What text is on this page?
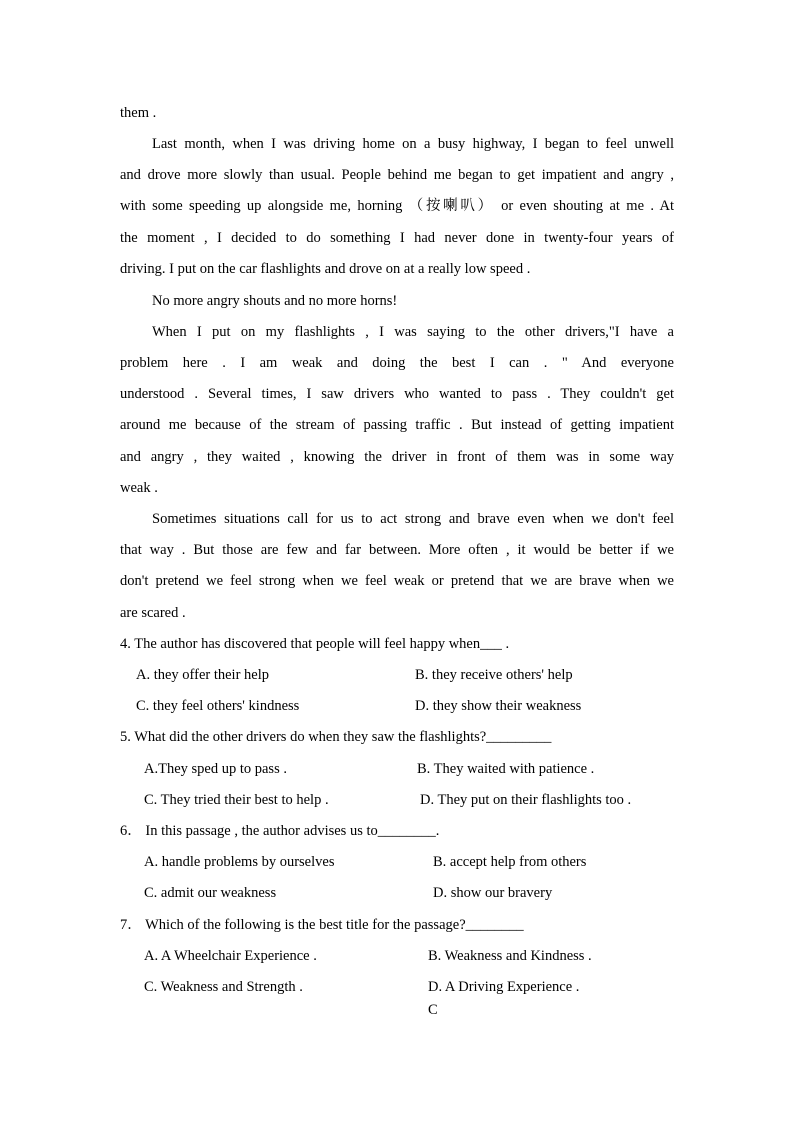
them .
Last month, when I was driving home on a busy highway, I began to feel unwell
and drove more slowly than usual. People behind me began to get impatient and angry ,
with some speeding up alongside me, horning （按喇叭） or even shouting at me . At
the moment , I decided to do something I had never done in twenty-four years of
driving. I put on the car flashlights and drove on at a really low speed .
No more angry shouts and no more horns!
When I put on my flashlights , I was saying to the other drivers,"I have a
problem here . I am weak and doing the best I can . " And everyone
understood . Several times, I saw drivers who wanted to pass . They couldn't get
around me because of the stream of passing traffic . But instead of getting impatient
and angry , they waited , knowing the driver in front of them was in some way
weak .
Sometimes situations call for us to act strong and brave even when we don't feel
that way . But those are few and far between. More often , it would be better if we
don't pretend we feel strong when we feel weak or pretend that we are brave when we
are scared .
4. The author has discovered that people will feel happy when___ .
A. they offer their help	B. they receive others' help
C. they feel others' kindness	D. they show their weakness
5. What did the other drivers do when they saw the flashlights?_________
A.They sped up to pass .	B. They waited with patience .
C. They tried their best to help .	D. They put on their flashlights too .
6． In this passage , the author advises us to________.
A. handle problems by ourselves	B. accept help from others
C. admit our weakness	D. show our bravery
7． Which of the following is the best title for the passage?________
A. A Wheelchair Experience .	B. Weakness and Kindness .
C. Weakness and Strength .	D. A Driving Experience .
C
